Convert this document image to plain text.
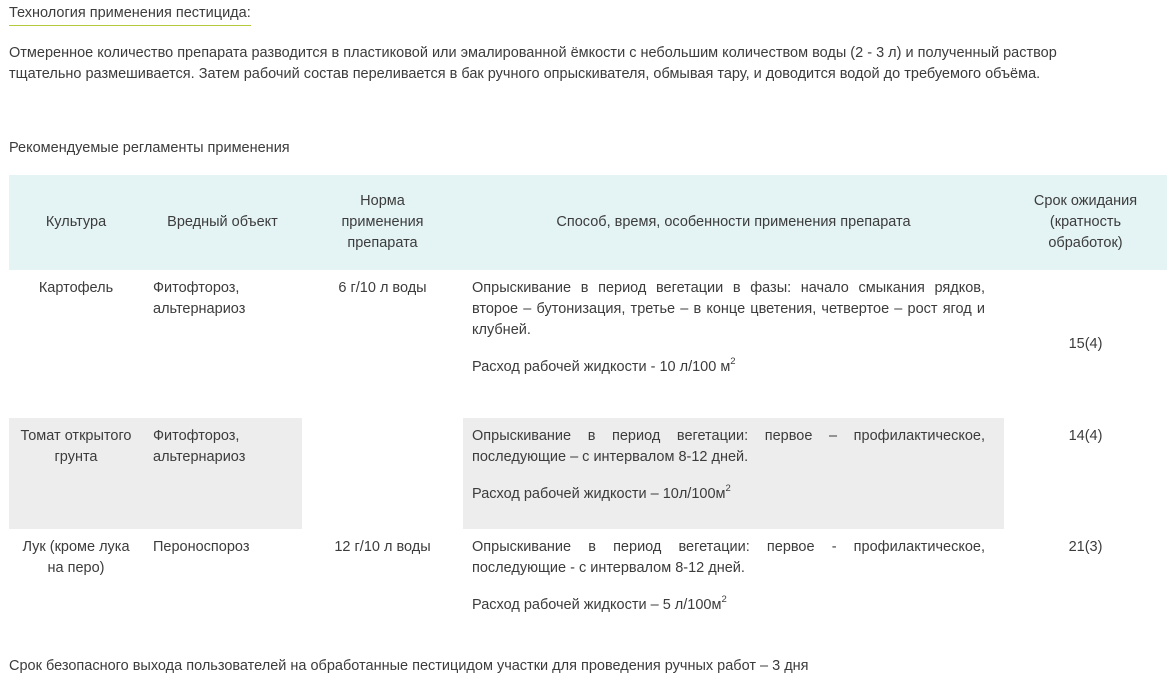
Технология применения пестицида:

Отмеренное количество препарата разводится в пластиковой или эмалированной ёмкости с небольшим количеством воды (2 - 3 л) и полученный раствор

тщательно размешивается. Затем рабочий состав переливается в бак ручного опрыскивателя, обмывая тару, и доводится водой до требуемого объёма.

Рекомендуемые регламенты применения
Культура	Вредный объект	Норма применения препарата	Способ, время, особенности применения препарата	Срок ожидания (кратность обработок)
Картофель	Фитофтороз, альтернариоз	6 г/10 л воды	Опрыскивание в период вегетации в фазы: начало смыкания рядков, второе – бутонизация, третье – в конце цветения, четвертое – рост ягод и клубней.

Расход рабочей жидкости - 10 л/100 $м^2$	15(4)
Томат открытого грунта	Фитофтороз, альтернариоз		Опрыскивание в период вегетации: первое – профилактическое, последующие – с интервалом 8-12 дней.

Расход рабочей жидкости – $10л/100м^2$	14(4)
Лук (кроме лука на перо)	Пероноспороз	12 г/10 л воды	Опрыскивание в период вегетации: первое - профилактическое, последующие - с интервалом 8-12 дней.

Расход рабочей жидкости – 5 $л/100м^2$	21(3)
Срок безопасного выхода пользователей на обработанные пестицидом участки для проведения ручных работ – 3 дня
